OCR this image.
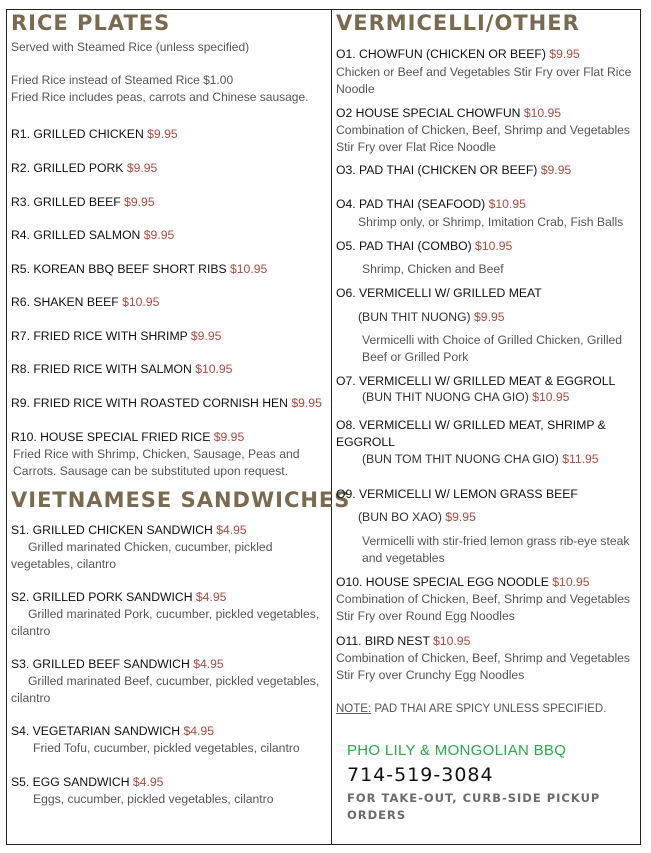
RICE PLATES
Served with Steamed Rice (unless specified)
Fried Rice instead of Steamed Rice $1.00
Fried Rice includes peas, carrots and Chinese sausage.
R1. GRILLED CHICKEN $9.95
R2. GRILLED PORK $9.95
R3. GRILLED BEEF $9.95
R4. GRILLED SALMON $9.95
R5. KOREAN BBQ BEEF SHORT RIBS $10.95
R6. SHAKEN BEEF $10.95
R7. FRIED RICE WITH SHRIMP $9.95
R8. FRIED RICE WITH SALMON $10.95
R9. FRIED RICE WITH ROASTED CORNISH HEN $9.95
R10. HOUSE SPECIAL FRIED RICE $9.95
Fried Rice with Shrimp, Chicken, Sausage, Peas and Carrots. Sausage can be substituted upon request.
VIETNAMESE SANDWICHES
S1. GRILLED CHICKEN SANDWICH $4.95
Grilled marinated Chicken, cucumber, pickled vegetables, cilantro
S2. GRILLED PORK SANDWICH $4.95
Grilled marinated Pork, cucumber, pickled vegetables, cilantro
S3. GRILLED BEEF SANDWICH $4.95
Grilled marinated Beef, cucumber, pickled vegetables, cilantro
S4. VEGETARIAN SANDWICH $4.95
Fried Tofu, cucumber, pickled vegetables, cilantro
S5. EGG SANDWICH $4.95
Eggs, cucumber, pickled vegetables, cilantro
VERMICELLI/OTHER
O1. CHOWFUN (CHICKEN OR BEEF) $9.95
Chicken or Beef and Vegetables Stir Fry over Flat Rice Noodle
O2 HOUSE SPECIAL CHOWFUN $10.95
Combination of Chicken, Beef, Shrimp and Vegetables Stir Fry over Flat Rice Noodle
O3. PAD THAI (CHICKEN OR BEEF) $9.95
O4. PAD THAI (SEAFOOD) $10.95
Shrimp only, or Shrimp, Imitation Crab, Fish Balls
O5. PAD THAI (COMBO) $10.95
Shrimp, Chicken and Beef
O6. VERMICELLI W/ GRILLED MEAT
(BUN THIT NUONG) $9.95
Vermicelli with Choice of Grilled Chicken, Grilled Beef or Grilled Pork
O7. VERMICELLI W/ GRILLED MEAT & EGGROLL
(BUN THIT NUONG CHA GIO) $10.95
O8. VERMICELLI W/ GRILLED MEAT, SHRIMP & EGGROLL
(BUN TOM THIT NUONG CHA GIO) $11.95
O9. VERMICELLI W/ LEMON GRASS BEEF
(BUN BO XAO) $9.95
Vermicelli with stir-fried lemon grass rib-eye steak and vegetables
O10. HOUSE SPECIAL EGG NOODLE $10.95
Combination of Chicken, Beef, Shrimp and Vegetables Stir Fry over Round Egg Noodles
O11. BIRD NEST $10.95
Combination of Chicken, Beef, Shrimp and Vegetables Stir Fry over Crunchy Egg Noodles
NOTE: PAD THAI ARE SPICY UNLESS SPECIFIED.
PHO LILY & MONGOLIAN BBQ
714-519-3084
FOR TAKE-OUT, CURB-SIDE PICKUP ORDERS
